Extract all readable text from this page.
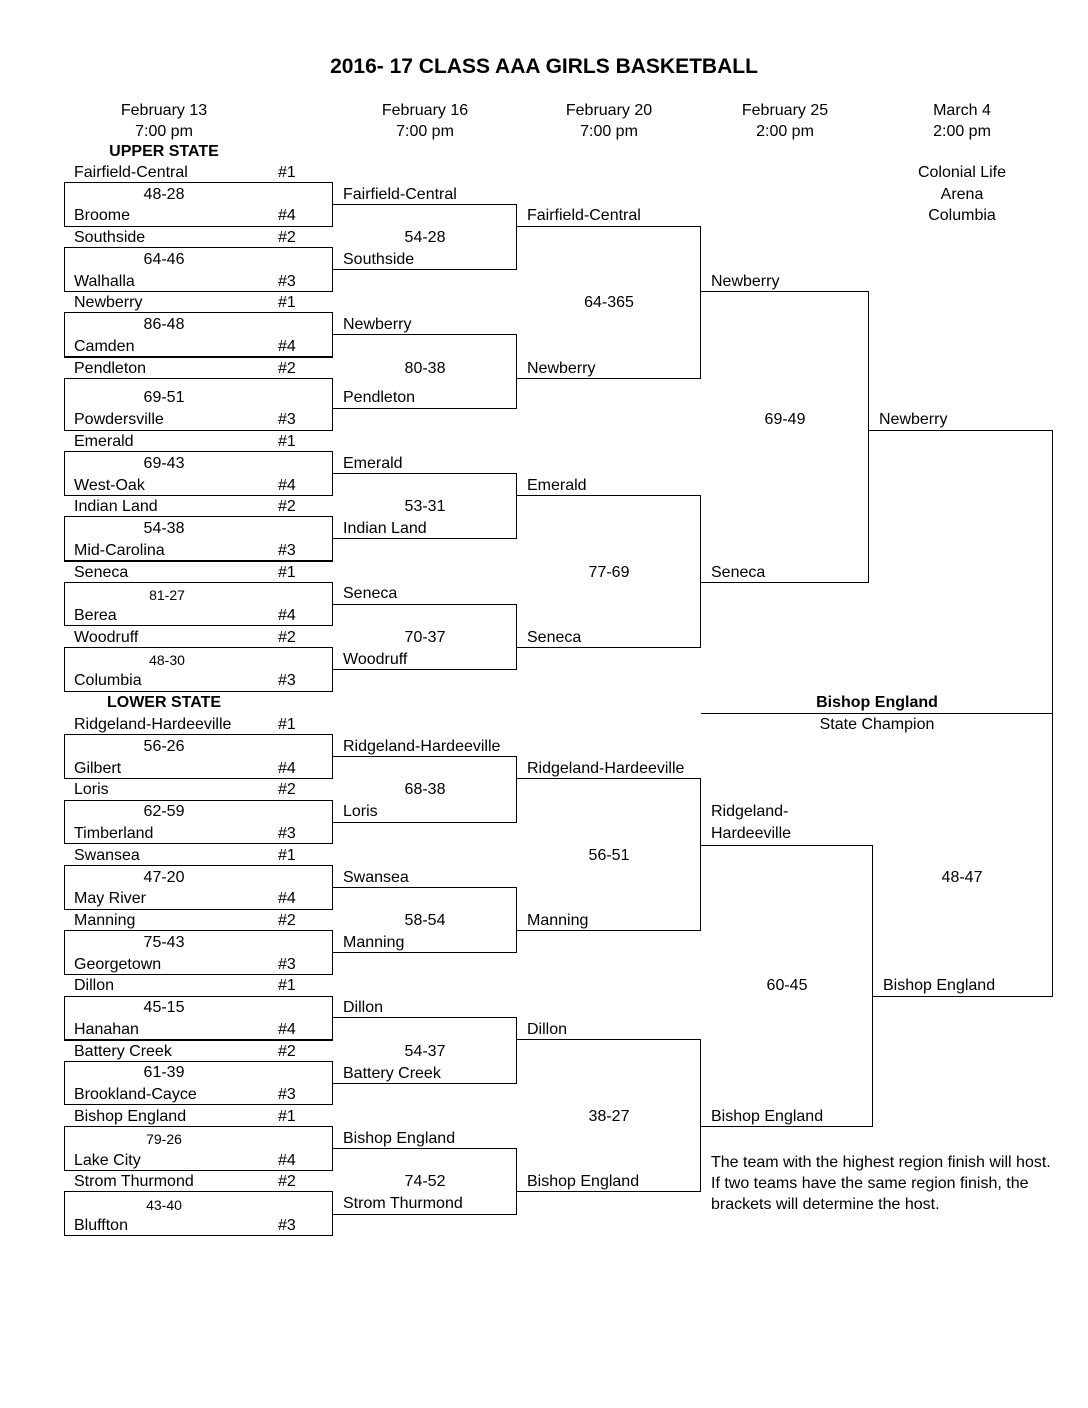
2016- 17 CLASS AAA GIRLS BASKETBALL
February 13
7:00 pm
February 16
7:00 pm
February 20
7:00 pm
February 25
2:00 pm
March 4
2:00 pm
UPPER STATE
LOWER STATE
Colonial Life
Arena
Columbia
Fairfield-Central	#1
Broome	#4
Southside	#2
Walhalla	#3
Newberry	#1
Camden	#4
Pendleton	#2
Powdersville	#3
Emerald	#1
West-Oak	#4
Indian Land	#2
Mid-Carolina	#3
Seneca	#1
Berea	#4
Woodruff	#2
Columbia	#3
Ridgeland-Hardeeville	#1
Gilbert	#4
Loris	#2
Timberland	#3
Swansea	#1
May River	#4
Manning	#2
Georgetown	#3
Dillon	#1
Hanahan	#4
Battery Creek	#2
Brookland-Cayce	#3
Bishop England	#1
Lake City	#4
Strom Thurmond	#2
Bluffton	#3
48-28
64-46
86-48
69-51
69-43
54-38
81-27
48-30
56-26
62-59
47-20
75-43
45-15
61-39
79-26
43-40
Fairfield-Central
Southside
Newberry
Pendleton
Emerald
Indian Land
Seneca
Woodruff
Ridgeland-Hardeeville
Loris
Swansea
Manning
Dillon
Battery Creek
Bishop England
Strom Thurmond
54-28
80-38
53-31
70-37
68-38
58-54
54-37
74-52
Fairfield-Central
Newberry
Emerald
Seneca
Ridgeland-Hardeeville
Manning
Dillon
Bishop England
64-365
77-69
56-51
38-27
Newberry
Seneca
Ridgeland-
Hardeeville
Bishop England
69-49
60-45
Newberry
Bishop England
48-47
Bishop England
State Champion
The team with the highest region finish will host. If two teams have the same region finish, the brackets will determine the host.
